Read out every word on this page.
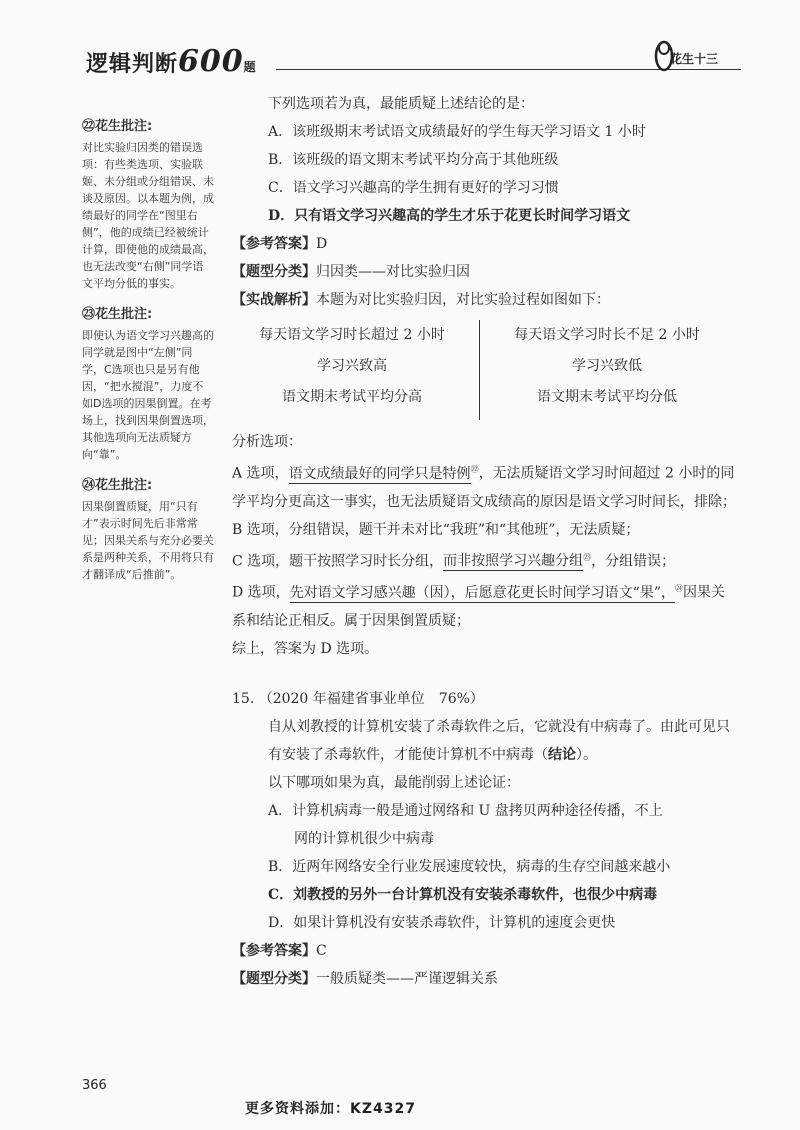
逻辑判断600题
花生十三
㉒花生批注:
对比实验归因类的错误选项：有些类选项、实验联姬、未分组或分组错误、未谈及原因。以本题为例，成绩最好的同学在“图里右侧”，他的成绩已经被统计计算，即使他的成绩最高，也无法改变“右侧”同学语文平均分低的事实。
㉓花生批注:
即使认为语文学习兴趣高的同学就是图中“左侧”同学，C选项也只是另有他因，“把水搅混”，力度不如D选项的因果倒置。在考场上，找到因果倒置选项，其他选项向无法质疑方向“靠”。
㉔花生批注:
因果倒置质疑，用“只有才”表示时间先后非常常见；因果关系与充分必要关系是两种关系，不用将只有才翻译成“后推前”。

下列选项若为真，最能质疑上述结论的是：

A．该班级期末考试语文成绩最好的学生每天学习语文 1 小时

B．该班级的语文期末考试平均分高于其他班级

C．语文学习兴趣高的学生拥有更好的学习习惯

D．只有语文学习兴趣高的学生才乐于花更长时间学习语文

【参考答案】D

【题型分类】归因类——对比实验归因

【实战解析】本题为对比实验归因，对比实验过程如图如下：

每天语文学习时长超过 2 小时
学习兴致高
语文期末考试平均分高
每天语文学习时长不足 2 小时
学习兴致低
语文期末考试平均分低

分析选项：

A 选项，语文成绩最好的同学只是特例$^㉒$，无法质疑语文学习时间超过 2 小时的同学平均分更高这一事实，也无法质疑语文成绩高的原因是语文学习时间长，排除；

B 选项，分组错误，题干并未对比“我班”和“其他班”，无法质疑；

C 选项，题干按照学习时长分组，而非按照学习兴趣分组$^㉓$，分组错误；

D 选项，先对语文学习感兴趣（因），后愿意花更长时间学习语文“果”，$^㉔$因果关系和结论正相反。属于因果倒置质疑；

综上，答案为 D 选项。

15. （2020 年福建省事业单位　76%）

自从刘教授的计算机安装了杀毒软件之后，它就没有中病毒了。由此可见只有安装了杀毒软件，才能使计算机不中病毒（结论）。

以下哪项如果为真，最能削弱上述论证：

A．计算机病毒一般是通过网络和 U 盘拷贝两种途径传播，不上

网的计算机很少中病毒

B．近两年网络安全行业发展速度较快，病毒的生存空间越来越小

C．刘教授的另外一台计算机没有安装杀毒软件，也很少中病毒

D．如果计算机没有安装杀毒软件，计算机的速度会更快

【参考答案】C

【题型分类】一般质疑类——严谨逻辑关系

366
更多资料添加：KZ4327
